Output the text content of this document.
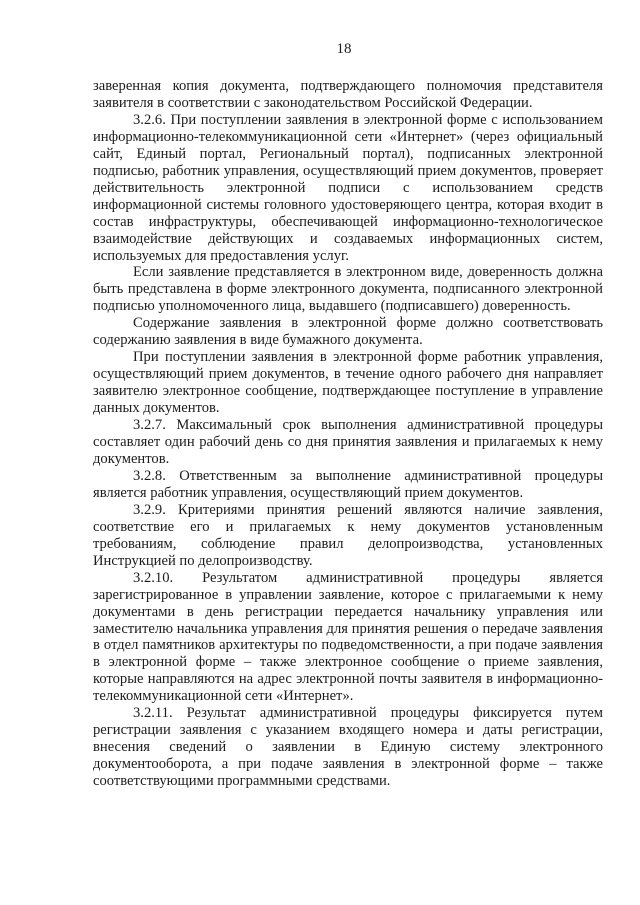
18

заверенная копия документа, подтверждающего полномочия представителя заявителя в соответствии с законодательством Российской Федерации.

3.2.6. При поступлении заявления в электронной форме с использованием информационно-телекоммуникационной сети «Интернет» (через официальный сайт, Единый портал, Региональный портал), подписанных электронной подписью, работник управления, осуществляющий прием документов, проверяет действительность электронной подписи с использованием средств информационной системы головного удостоверяющего центра, которая входит в состав инфраструктуры, обеспечивающей информационно-технологическое взаимодействие действующих и создаваемых информационных систем, используемых для предоставления услуг.

Если заявление представляется в электронном виде, доверенность должна быть представлена в форме электронного документа, подписанного электронной подписью уполномоченного лица, выдавшего (подписавшего) доверенность.

Содержание заявления в электронной форме должно соответствовать содержанию заявления в виде бумажного документа.

При поступлении заявления в электронной форме работник управления, осуществляющий прием документов, в течение одного рабочего дня направляет заявителю электронное сообщение, подтверждающее поступление в управление данных документов.

3.2.7. Максимальный срок выполнения административной процедуры составляет один рабочий день со дня принятия заявления и прилагаемых к нему документов.

3.2.8. Ответственным за выполнение административной процедуры является работник управления, осуществляющий прием документов.

3.2.9. Критериями принятия решений являются наличие заявления, соответствие его и прилагаемых к нему документов установленным требованиям, соблюдение правил делопроизводства, установленных Инструкцией по делопроизводству.

3.2.10. Результатом административной процедуры является зарегистрированное в управлении заявление, которое с прилагаемыми к нему документами в день регистрации передается начальнику управления или заместителю начальника управления для принятия решения о передаче заявления в отдел памятников архитектуры по подведомственности, а при подаче заявления в электронной форме – также электронное сообщение о приеме заявления, которые направляются на адрес электронной почты заявителя в информационно-телекоммуникационной сети «Интернет».

3.2.11. Результат административной процедуры фиксируется путем регистрации заявления с указанием входящего номера и даты регистрации, внесения сведений о заявлении в Единую систему электронного документооборота, а при подаче заявления в электронной форме – также соответствующими программными средствами.
